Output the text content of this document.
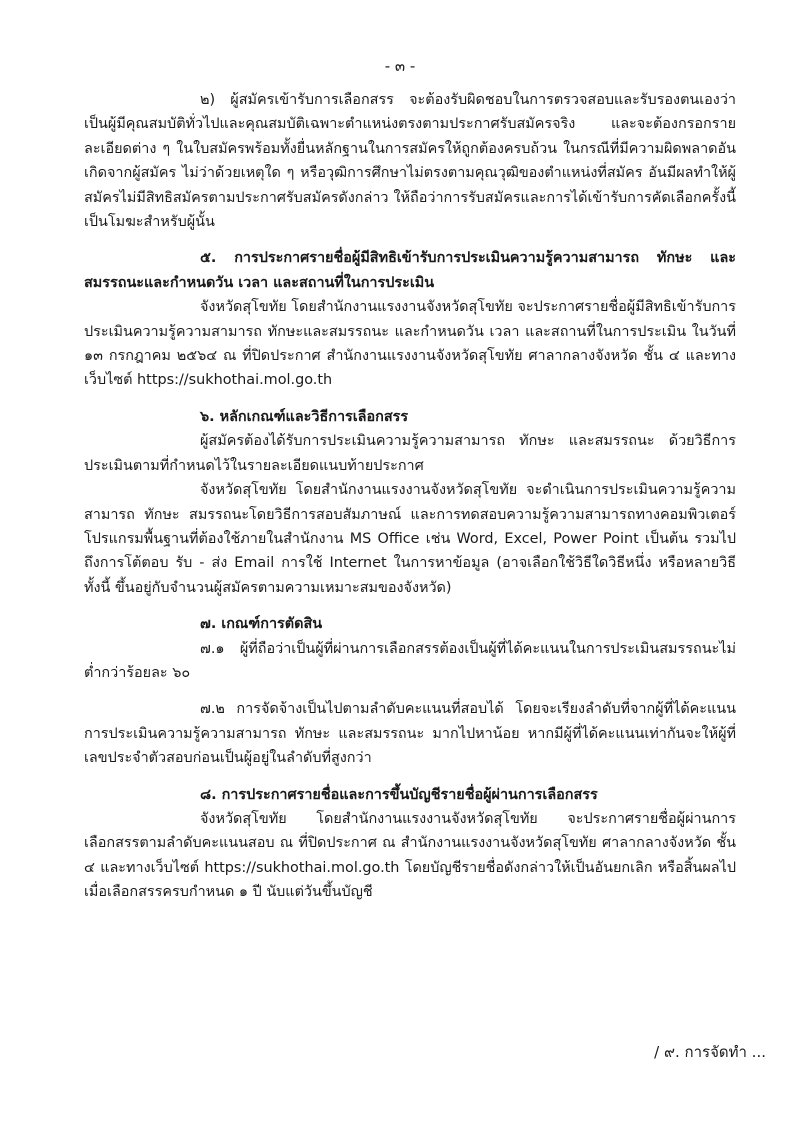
- ๓ -

๒) ผู้สมัครเข้ารับการเลือกสรร จะต้องรับผิดชอบในการตรวจสอบและรับรองตนเองว่าเป็นผู้มีคุณสมบัติทั่วไปและคุณสมบัติเฉพาะตำแหน่งตรงตามประกาศรับสมัครจริง และจะต้องกรอกรายละเอียดต่าง ๆ ในใบสมัครพร้อมทั้งยื่นหลักฐานในการสมัครให้ถูกต้องครบถ้วน ในกรณีที่มีความผิดพลาดอันเกิดจากผู้สมัคร ไม่ว่าด้วยเหตุใด ๆ หรือวุฒิการศึกษาไม่ตรงตามคุณวุฒิของตำแหน่งที่สมัคร อันมีผลทำให้ผู้สมัครไม่มีสิทธิสมัครตามประกาศรับสมัครดังกล่าว ให้ถือว่าการรับสมัครและการได้เข้ารับการคัดเลือกครั้งนี้เป็นโมฆะสำหรับผู้นั้น

๕. การประกาศรายชื่อผู้มีสิทธิเข้ารับการประเมินความรู้ความสามารถ ทักษะ และสมรรถนะและกำหนดวัน เวลา และสถานที่ในการประเมิน

จังหวัดสุโขทัย โดยสำนักงานแรงงานจังหวัดสุโขทัย จะประกาศรายชื่อผู้มีสิทธิเข้ารับการประเมินความรู้ความสามารถ ทักษะและสมรรถนะ และกำหนดวัน เวลา และสถานที่ในการประเมิน ในวันที่ ๑๓ กรกฎาคม ๒๕๖๔ ณ ที่ปิดประกาศ สำนักงานแรงงานจังหวัดสุโขทัย ศาลากลางจังหวัด ชั้น ๔ และทางเว็บไซต์ https://sukhothai.mol.go.th

๖. หลักเกณฑ์และวิธีการเลือกสรร

ผู้สมัครต้องได้รับการประเมินความรู้ความสามารถ ทักษะ และสมรรถนะ ด้วยวิธีการประเมินตามที่กำหนดไว้ในรายละเอียดแนบท้ายประกาศ

จังหวัดสุโขทัย โดยสำนักงานแรงงานจังหวัดสุโขทัย จะดำเนินการประเมินความรู้ความสามารถ ทักษะ สมรรถนะโดยวิธีการสอบสัมภาษณ์ และการทดสอบความรู้ความสามารถทางคอมพิวเตอร์โปรแกรมพื้นฐานที่ต้องใช้ภายในสำนักงาน MS Office เช่น Word, Excel, Power Point เป็นต้น รวมไปถึงการโต้ตอบ รับ - ส่ง Email การใช้ Internet ในการหาข้อมูล (อาจเลือกใช้วิธีใดวิธีหนึ่ง หรือหลายวิธีทั้งนี้ ขึ้นอยู่กับจำนวนผู้สมัครตามความเหมาะสมของจังหวัด)

๗. เกณฑ์การตัดสิน

๗.๑ ผู้ที่ถือว่าเป็นผู้ที่ผ่านการเลือกสรรต้องเป็นผู้ที่ได้คะแนนในการประเมินสมรรถนะไม่ต่ำกว่าร้อยละ ๖๐

๗.๒ การจัดจ้างเป็นไปตามลำดับคะแนนที่สอบได้ โดยจะเรียงลำดับที่จากผู้ที่ได้คะแนนการประเมินความรู้ความสามารถ ทักษะ และสมรรถนะ มากไปหาน้อย หากมีผู้ที่ได้คะแนนเท่ากันจะให้ผู้ที่เลขประจำตัวสอบก่อนเป็นผู้อยู่ในลำดับที่สูงกว่า

๘. การประกาศรายชื่อและการขึ้นบัญชีรายชื่อผู้ผ่านการเลือกสรร

จังหวัดสุโขทัย โดยสำนักงานแรงงานจังหวัดสุโขทัย จะประกาศรายชื่อผู้ผ่านการเลือกสรรตามลำดับคะแนนสอบ ณ ที่ปิดประกาศ ณ สำนักงานแรงงานจังหวัดสุโขทัย ศาลากลางจังหวัด ชั้น ๔ และทางเว็บไซต์ https://sukhothai.mol.go.th โดยบัญชีรายชื่อดังกล่าวให้เป็นอันยกเลิก หรือสิ้นผลไปเมื่อเลือกสรรครบกำหนด ๑ ปี นับแต่วันขึ้นบัญชี

/ ๙. การจัดทำ ...
